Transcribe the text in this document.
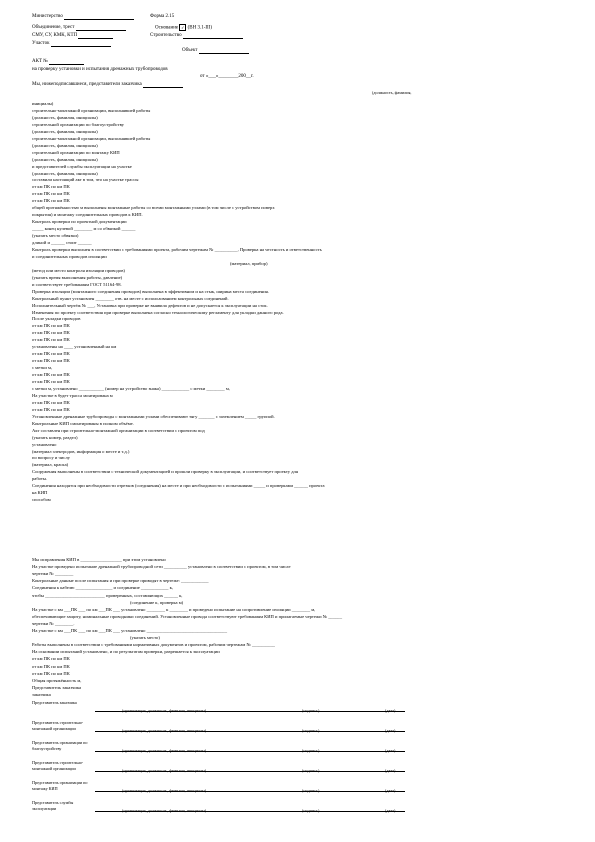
Министерство	Форма 2.15
Объединение, трест	Основание ✓ (ВН 3.1-III)
СМУ, СУ, КМК, КТП	Строительство
Участок
Объект
АКТ №
на проверку установки и испытания дренажных трубопроводов
от «___»________200__г.
Мы, нижеподписавшиеся, представители заказчика
(должность, фамилия,
инициалы)
строительно-монтажной организации, выполнявшей работы
(должность, фамилия, инициалы)
строительной организации по благоустройству
(должность, фамилия, инициалы)
строительно-монтажной организации, выполнявшей работы
(должность, фамилия, инициалы)
строительной организации по монтажу КИП
(должность, фамилия, инициалы)
и представителей службы эксплуатации на участке
(должность, фамилия, инициалы)
составили настоящий акт в том, что на участке трассы
от км ПК по км ПК
от км ПК по км ПК
от км ПК по км ПК
общей протяжённостью м выполнены монтажные работы со всеми монтажными узлами (в том числе с устройством поверх
покрытия) и монтажу соединительных проводов к КИП.
Контроль проверки по проектной документации
_____ конец нулевой ________ м со обвязкой ______
(указать место обвязки)
длиной и ______ стоит ______
Контроль проверки выполнен в соответствии с требованиями проекта, рабочим чертежам № __________, Проверка на честность и ответственность
и соединительных проводов изоляции
(материал, прибор)
(метод или место контроля изоляции проводов)
(указать время выполнения работы, давление)
и соответствует требованиям ГОСТ 51164-98.
Проверка изоляции (монтажного соединения проводов) выполнена в эффективном и на стык, ширина места соединения.
Контрольный пункт установлен ________ отв. на месте с использованием контрольных соединений.
Исполнительный чертёж № ___, Установка при проверке не выявила дефектов и не допускается к эксплуатации на сток.
Изменения по проекту соответствия при проверке выполнена согласно технологическому регламенту для укладки данного рода.
После укладки проводов
от км ПК по км ПК
от км ПК по км ПК
от км ПК по км ПК
установлены на ____ установленный на км
от км ПК по км ПК
от км ПК по км ПК
с метки м,
от км ПК по км ПК
от км ПК по км ПК
с метки м, установлено ___________ (номер на устройство знака) ____________ с метки ________ м,
На участке в будет трасса монтирована м
от км ПК по км ПК
от км ПК по км ПК
Установленные дренажные трубопроводы с монтажными узлами обеспечивают тягу _______ с заземлением _____ группой.
Контрольные КИП смонтированы в полном объёме.
Акт составлен при строительно-монтажной организации в соответствии с проектом под
(указать номер, раздел)
установлено
(материал электродов, информация о месте и т.д.)
по вопросу и числу
(материал, краска)
Сооружения выполнены в соответствии с технической документацией и прошли проверку в эксплуатации, и соответствует проекту для
работы.
Соединения находятся при необходимости отрезков (соединения) на месте и при необходимости с испытаниями _____ и проверками ______ проекта
на КИП
способом
Мы исправления КИП в __________________ при этом установлено
На участке проведено испытание дренажной трубопроводной сети __________ установлено в соответствии с проектом, в том числе
чертежи № ________
Контрольные данные после испытания и при проверке приводят в чертеже: ____________
Соединения к кабелю ________________ и соединение ____________ к,
чтобы __________________________ проверенных, составляющих ______ к,
(соединение к, проверка м)
На участке с км ___ПК ___ по км ___ПК ___ установлено ________ к ________ и проведено испытание на сопротивление изоляции ________ м,
обеспечивающие защиту, номинальные проводники соединений. Установленные провода соответствуют требованиям КИП и прилагаемые чертежи № ______
чертежи № ________.
На участке с км ___ПК ___ по км ___ПК ___ установлено ___________________________________
(указать место)
Работы выполнены в соответствии с требованиями нормативных документов и проектом, рабочим чертежам № __________
На основании испытаний установлено, и по результатам проверки, разрешается к эксплуатации
от км ПК по км ПК
от км ПК по км ПК
от км ПК по км ПК
Общая протяжённость м,
Представитель заказчика
заказчика
Представитель заказчика
(организация, должность, фамилия, инициалы)	(подпись)	(дата)
Представитель строительно-
монтажной организации	(организация, должность, фамилия, инициалы)	(подпись)	(дата)
Представитель организации по
благоустройству	(организация, должность, фамилия, инициалы)	(подпись)	(дата)
Представитель строительно-
монтажной организации	(организация, должность, фамилия, инициалы)	(подпись)	(дата)
Представитель организации по
монтажу КИП	(организация, должность, фамилия, инициалы)	(подпись)	(дата)
Представитель службы
эксплуатации	(организация, должность, фамилия, инициалы)	(подпись)	(дата)
